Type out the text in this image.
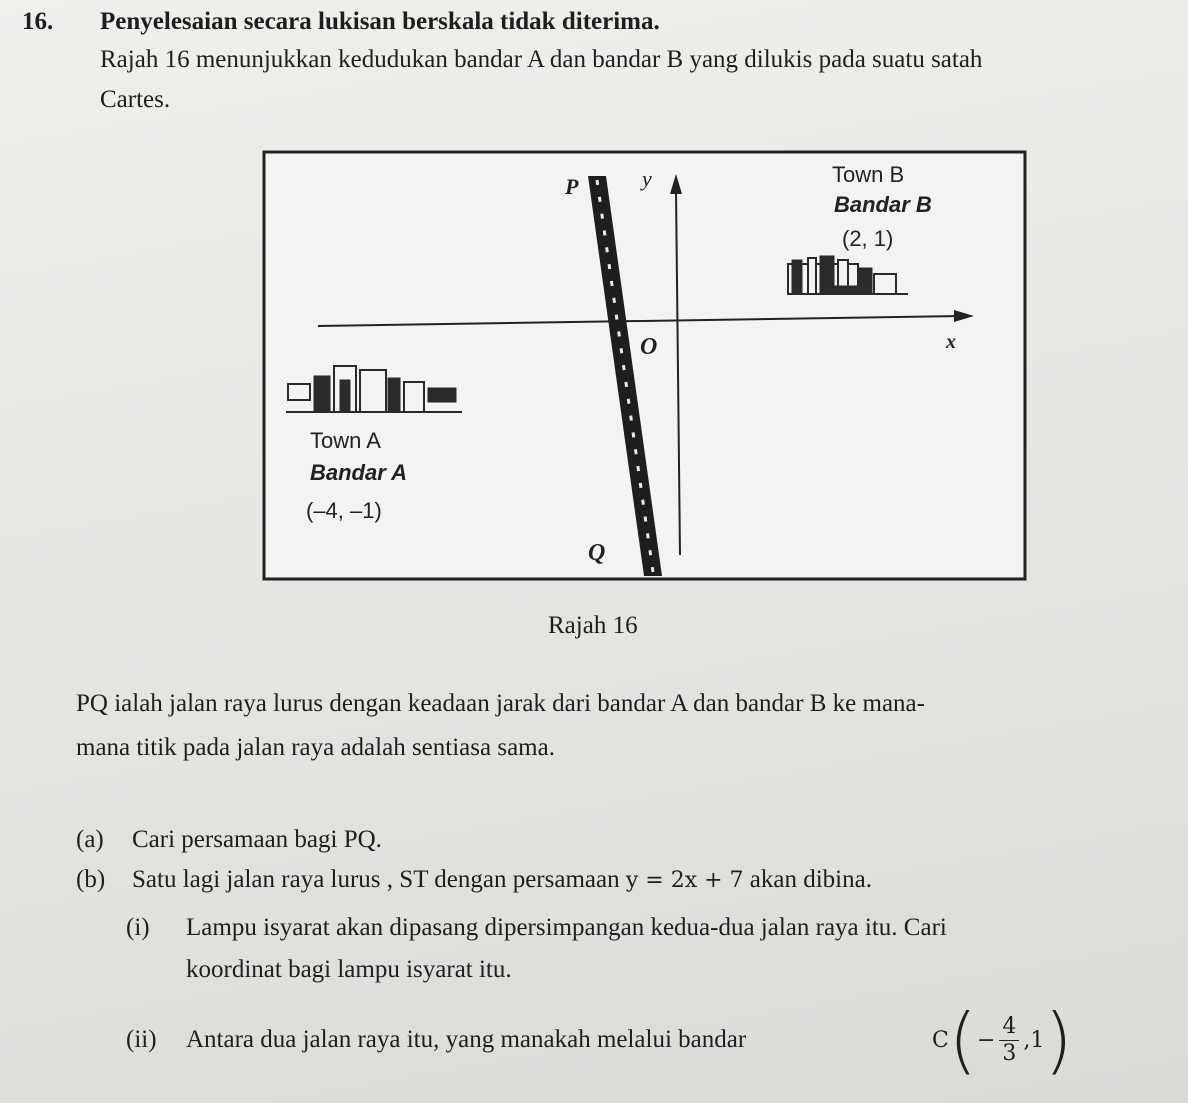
16. Penyelesaian secara lukisan berskala tidak diterima.
Rajah 16 menunjukkan kedudukan bandar A dan bandar B yang dilukis pada suatu satah
Cartes.
P
Q
O	x
y	Town B
Bandar B
(2, 1)
Town A
Bandar A
(–4, –1)
Rajah 16
PQ ialah jalan raya lurus dengan keadaan jarak dari bandar A dan bandar B ke mana-
mana titik pada jalan raya adalah sentiasa sama.
(a) Cari persamaan bagi PQ.
(b) Satu lagi jalan raya lurus , ST dengan persamaan y = 2x + 7 akan dibina.
(i) Lampu isyarat akan dipasang dipersimpangan kedua-dua jalan raya itu. Cari
koordinat bagi lampu isyarat itu.
(ii) Antara dua jalan raya itu, yang manakah melalui bandar	C ( − $\frac{4}{3}$ , 1 )
